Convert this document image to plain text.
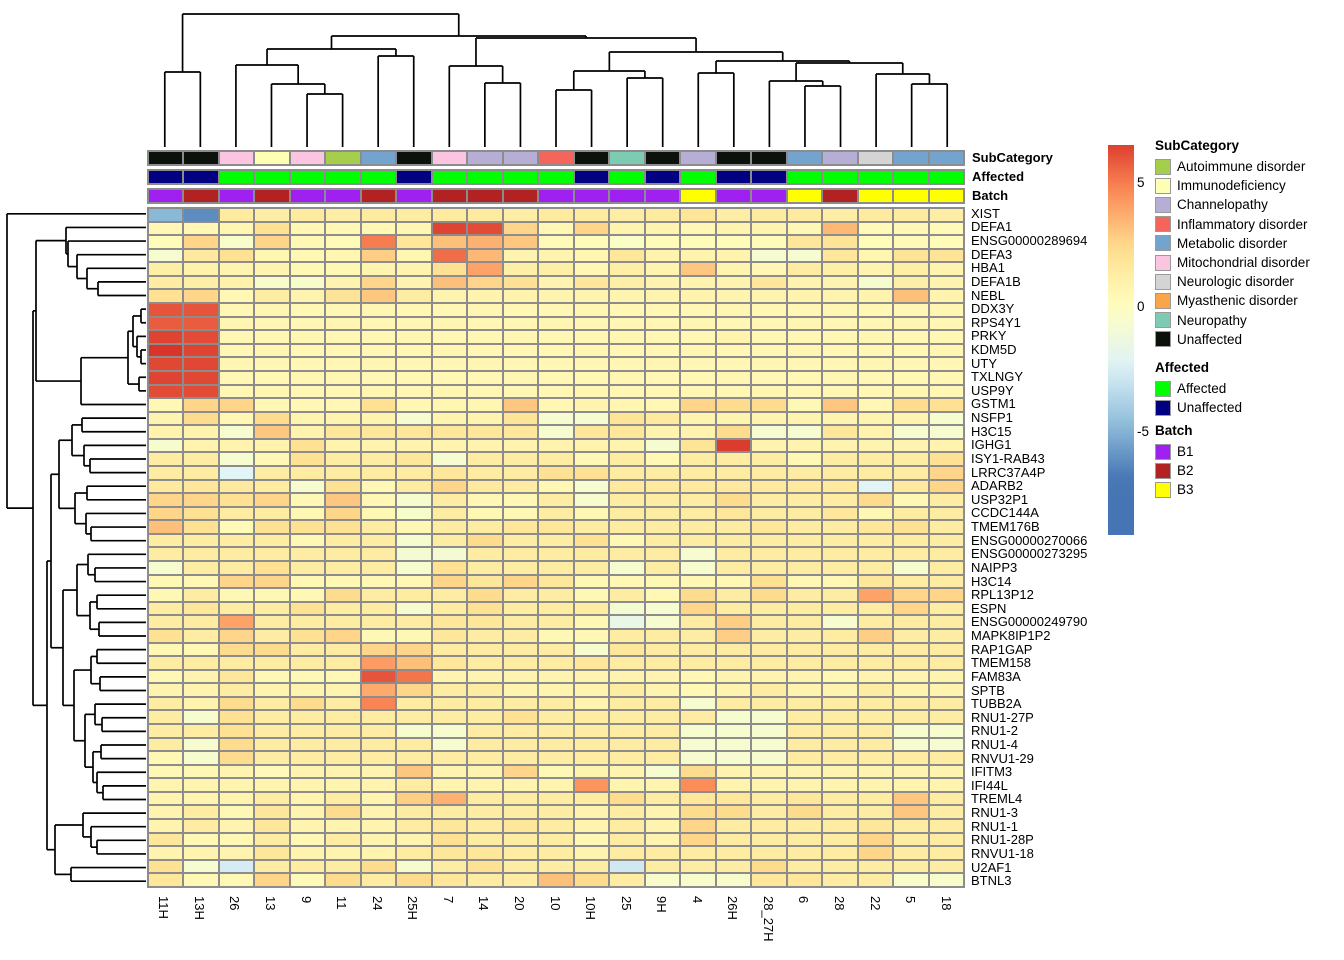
SubCategory
Affected
Batch
XIST
DEFA1
ENSG00000289694
DEFA3
HBA1
DEFA1B
NEBL
DDX3Y
RPS4Y1
PRKY
KDM5D
UTY
TXLNGY
USP9Y
GSTM1
NSFP1
H3C15
IGHG1
ISY1-RAB43
LRRC37A4P
ADARB2
USP32P1
CCDC144A
TMEM176B
ENSG00000270066
ENSG00000273295
NAIPP3
H3C14
RPL13P12
ESPN
ENSG00000249790
MAPK8IP1P2
RAP1GAP
TMEM158
FAM83A
SPTB
TUBB2A
RNU1-27P
RNU1-2
RNU1-4
RNVU1-29
IFITM3
IFI44L
TREML4
RNU1-3
RNU1-1
RNU1-28P
RNVU1-18
U2AF1
BTNL3
11H 13H 26 13 9 11 24 25H 7 14 20 10 10H 25 9H 4 26H 28_27H 6 28 22 5 18
5
0
-5
SubCategory
Autoimmune disorder
Immunodeficiency
Channelopathy
Inflammatory disorder
Metabolic disorder
Mitochondrial disorder
Neurologic disorder
Myasthenic disorder
Neuropathy
Unaffected
Affected
Affected
Unaffected
Batch
B1
B2
B3
